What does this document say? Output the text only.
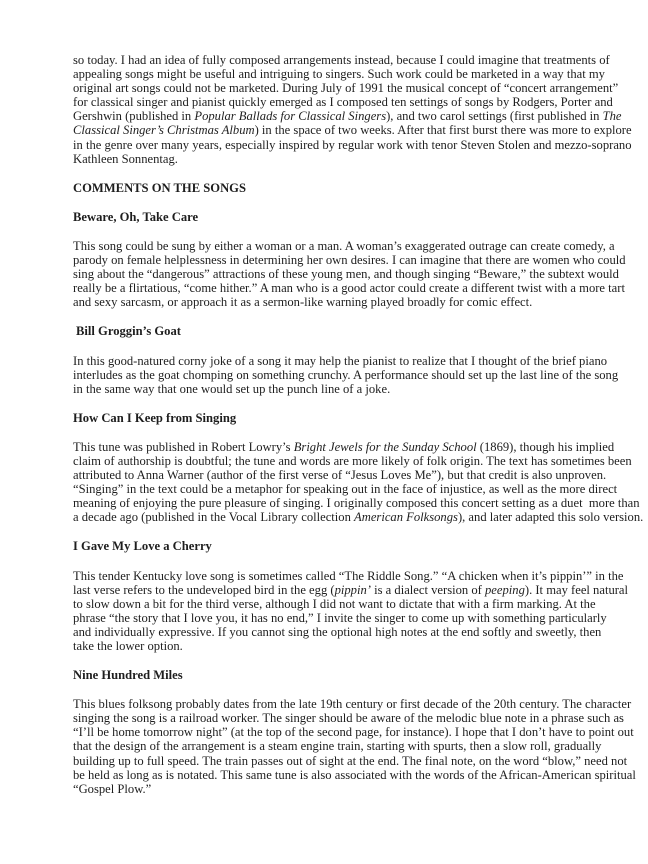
so today. I had an idea of fully composed arrangements instead, because I could imagine that treatments of
appealing songs might be useful and intriguing to singers. Such work could be marketed in a way that my
original art songs could not be marketed. During July of 1991 the musical concept of “concert arrangement”
for classical singer and pianist quickly emerged as I composed ten settings of songs by Rodgers, Porter and
Gershwin (published in Popular Ballads for Classical Singers), and two carol settings (first published in The
Classical Singer’s Christmas Album) in the space of two weeks. After that first burst there was more to explore
in the genre over many years, especially inspired by regular work with tenor Steven Stolen and mezzo-soprano
Kathleen Sonnentag.
COMMENTS ON THE SONGS
Beware, Oh, Take Care
This song could be sung by either a woman or a man. A woman’s exaggerated outrage can create comedy, a
parody on female helplessness in determining her own desires. I can imagine that there are women who could
sing about the “dangerous” attractions of these young men, and though singing “Beware,” the subtext would
really be a flirtatious, “come hither.” A man who is a good actor could create a different twist with a more tart
and sexy sarcasm, or approach it as a sermon-like warning played broadly for comic effect.
Bill Groggin’s Goat
In this good-natured corny joke of a song it may help the pianist to realize that I thought of the brief piano
interludes as the goat chomping on something crunchy. A performance should set up the last line of the song
in the same way that one would set up the punch line of a joke.
How Can I Keep from Singing
This tune was published in Robert Lowry’s Bright Jewels for the Sunday School (1869), though his implied
claim of authorship is doubtful; the tune and words are more likely of folk origin. The text has sometimes been
attributed to Anna Warner (author of the first verse of “Jesus Loves Me”), but that credit is also unproven.
“Singing” in the text could be a metaphor for speaking out in the face of injustice, as well as the more direct
meaning of enjoying the pure pleasure of singing. I originally composed this concert setting as a duet  more than
a decade ago (published in the Vocal Library collection American Folksongs), and later adapted this solo version.
I Gave My Love a Cherry
This tender Kentucky love song is sometimes called “The Riddle Song.” “A chicken when it’s pippin’” in the
last verse refers to the undeveloped bird in the egg (pippin’ is a dialect version of peeping). It may feel natural
to slow down a bit for the third verse, although I did not want to dictate that with a firm marking. At the
phrase “the story that I love you, it has no end,” I invite the singer to come up with something particularly
and individually expressive. If you cannot sing the optional high notes at the end softly and sweetly, then
take the lower option.
Nine Hundred Miles
This blues folksong probably dates from the late 19th century or first decade of the 20th century. The character
singing the song is a railroad worker. The singer should be aware of the melodic blue note in a phrase such as
“I’ll be home tomorrow night” (at the top of the second page, for instance). I hope that I don’t have to point out
that the design of the arrangement is a steam engine train, starting with spurts, then a slow roll, gradually
building up to full speed. The train passes out of sight at the end. The final note, on the word “blow,” need not
be held as long as is notated. This same tune is also associated with the words of the African-American spiritual
“Gospel Plow.”
